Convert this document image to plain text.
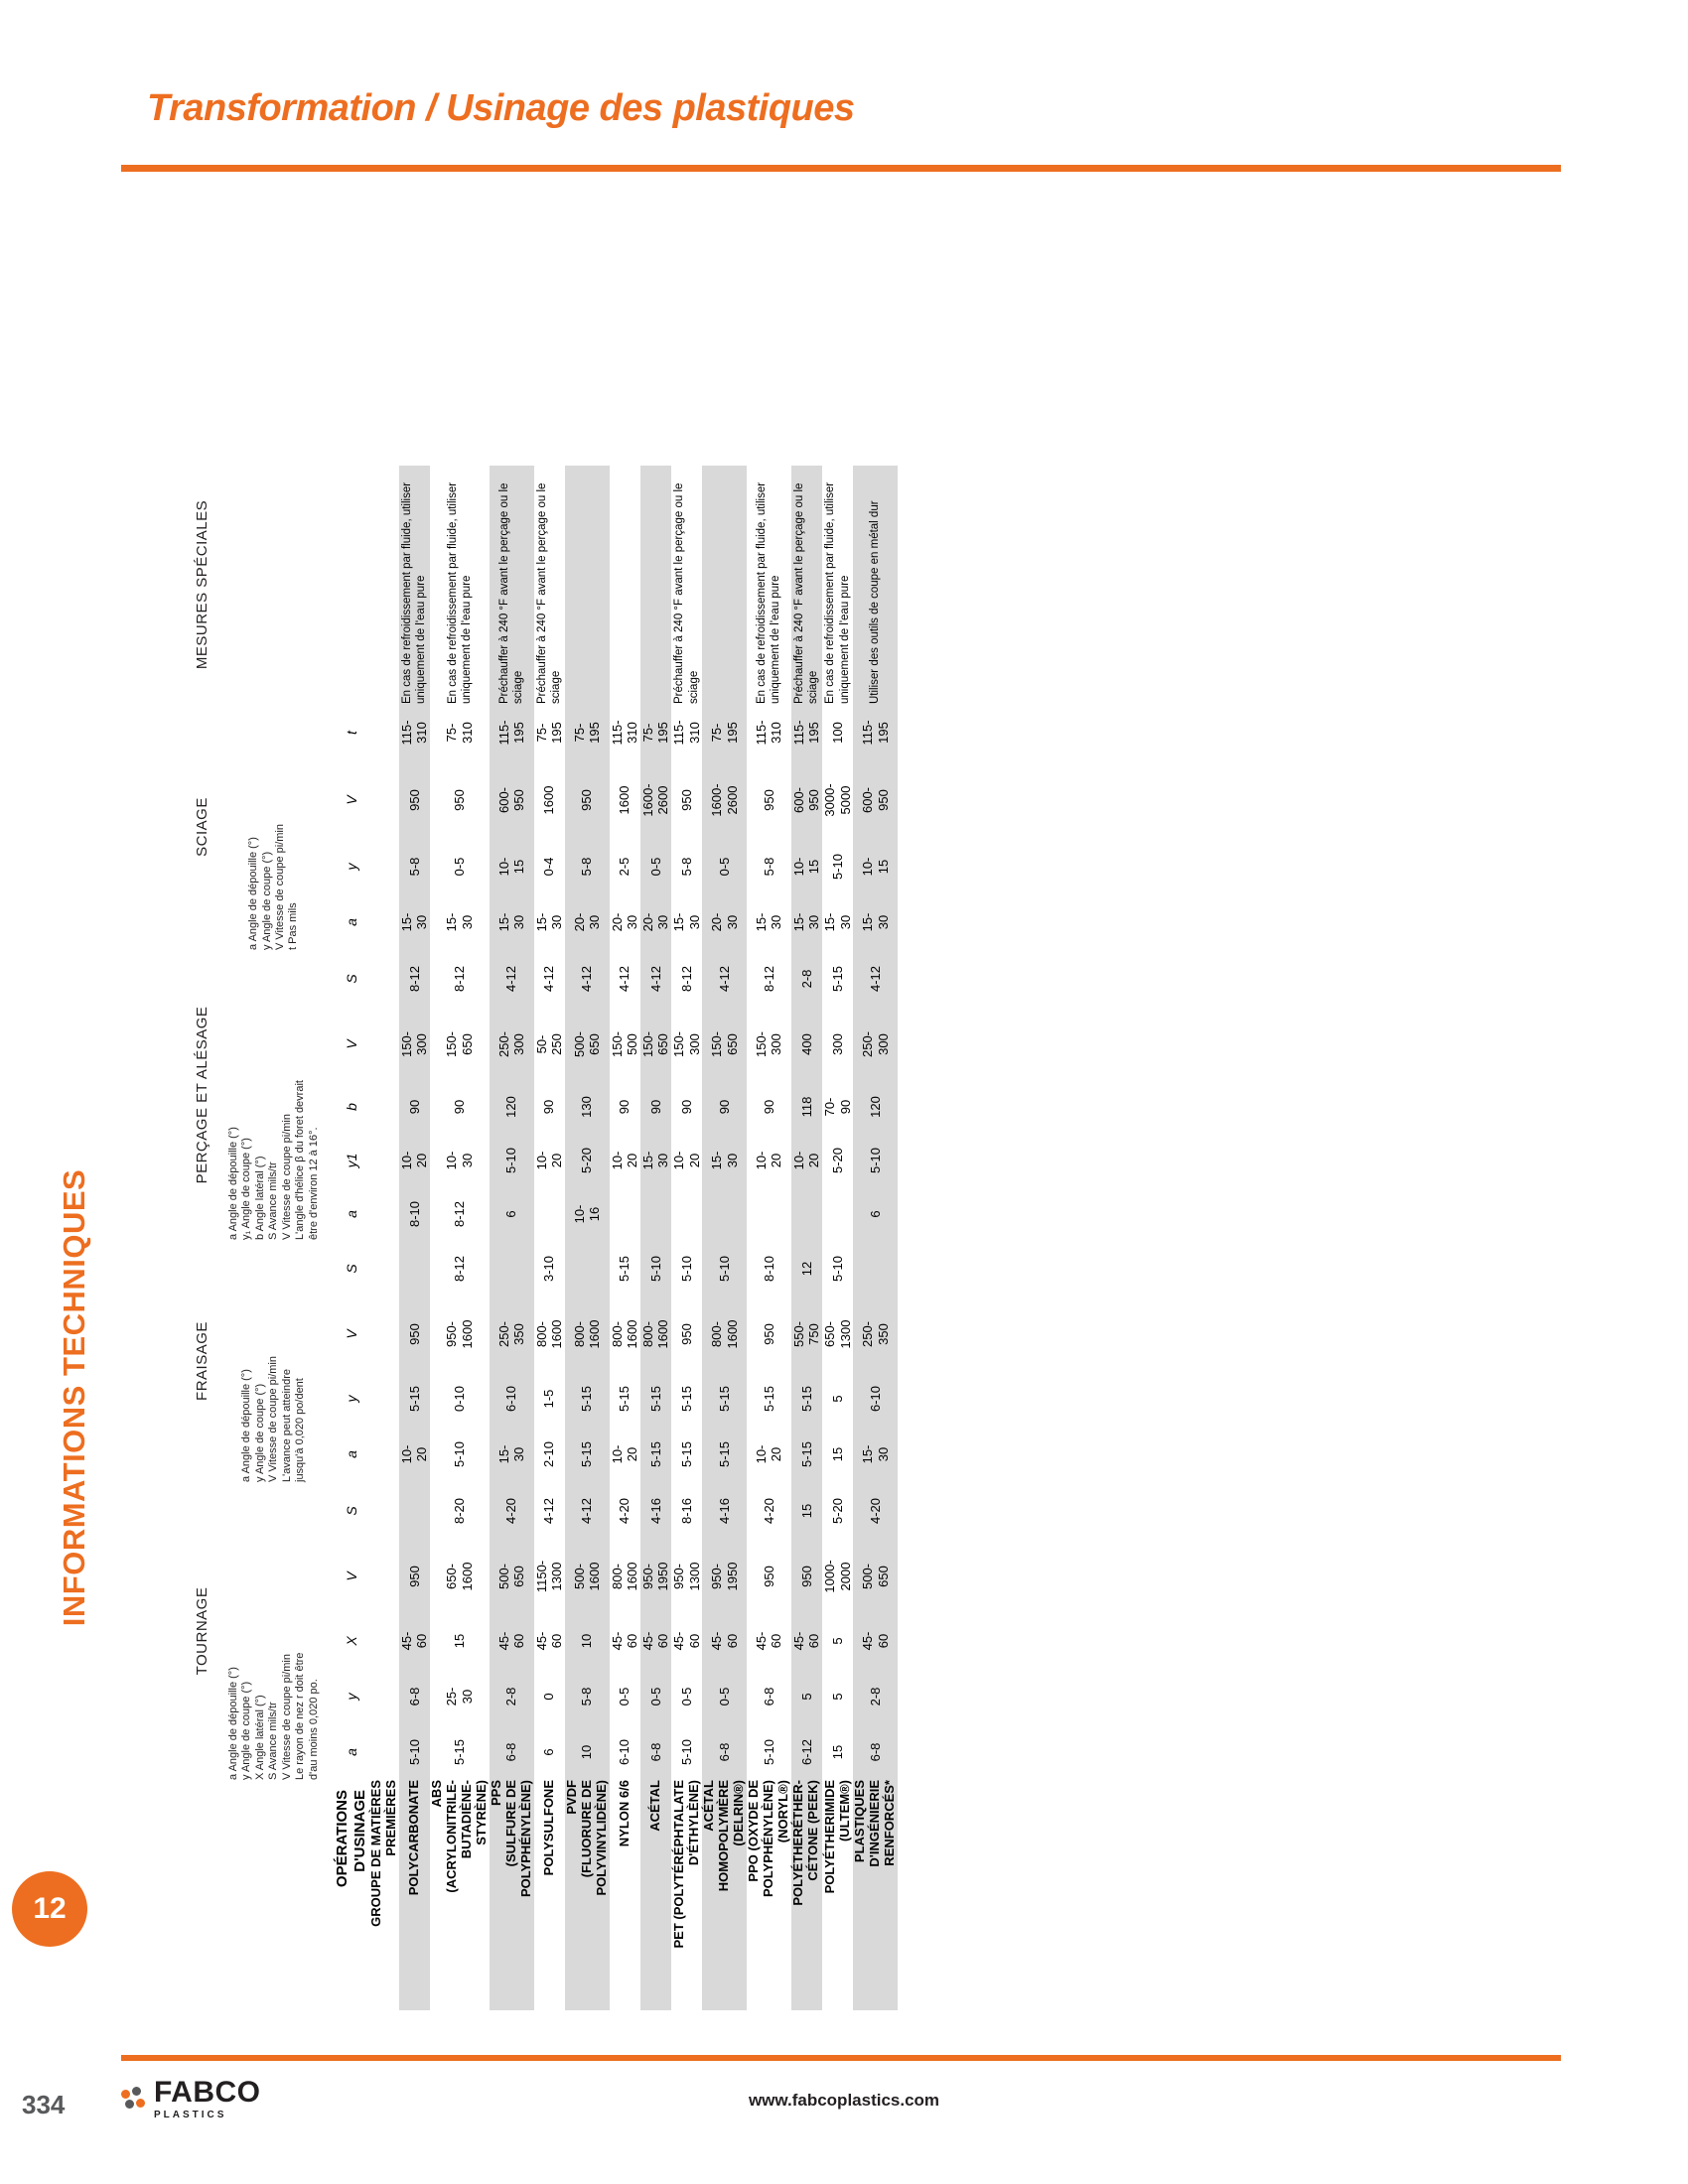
Transformation / Usinage des plastiques
INFORMATIONS TECHNIQUES
12
	TOURNAGE					FRAISAGE				PERÇAGE ET ALÉSAGE					SCIAGE				MESURES SPÉCIALES
	a Angle de dépouille (°)
y Angle de coupe (°)
X Angle latéral (°)
S Avance mils/tr
V Vitesse de coupe pi/min
Le rayon de nez r doit être
d'au moins 0,020 po.	a Angle de dépouille (°)
y Angle de coupe (°)
V Vitesse de coupe pi/min
L'avance peut atteindre
jusqu'à 0,020 po/dent	a Angle de dépouille (°)
y₁ Angle de coupe (°)
b Angle latéral (°)
S Avance mils/tr
V Vitesse de coupe pi/min
L'angle d'hélice β du foret devrait
être d'environ 12 à 16°.	a Angle de dépouille (°)
y Angle de coupe (°)
V Vitesse de coupe pi/min
t Pas mils	
OPÉRATIONS
D'USINAGE	a	y	X	V	S	a	y	V	S	a	y1	b	V	S	a	y	V	t	
GROUPE DE MATIÈRES
PREMIÈRES																			
POLYCARBONATE	5-10	6-8	45-
60	950		10-
20	5-15	950		8-10	10-
20	90	150-
300	8-12	15-
30	5-8	950	115-
310	En cas de refroidissement par fluide, utiliser uniquement de l'eau pure
ABS
(ACRYLONITRILE-
BUTADIÈNE-
STYRÈNE)	5-15	25-
30	15	650-
1600	8-20	5-10	0-10	950-
1600	8-12	8-12	10-
30	90	150-
650	8-12	15-
30	0-5	950	75-
310	En cas de refroidissement par fluide, utiliser uniquement de l'eau pure
PPS
(SULFURE DE
POLYPHÉNYLÈNE)	6-8	2-8	45-
60	500-
650	4-20	15-
30	6-10	250-
350		6	5-10	120	250-
300	4-12	15-
30	10-
15	600-
950	115-
195	Préchauffer à 240 °F avant le perçage ou le sciage
POLYSULFONE	6	0	45-
60	1150-
1300	4-12	2-10	1-5	800-
1600	3-10		10-
20	90	50-
250	4-12	15-
30	0-4	1600	75-
195	Préchauffer à 240 °F avant le perçage ou le sciage
PVDF
(FLUORURE DE
POLYVINYLIDÈNE)	10	5-8	10	500-
1600	4-12	5-15	5-15	800-
1600		10-
16	5-20	130	500-
650	4-12	20-
30	5-8	950	75-
195	
NYLON 6/6	6-10	0-5	45-
60	800-
1600	4-20	10-
20	5-15	800-
1600	5-15		10-
20	90	150-
500	4-12	20-
30	2-5	1600	115-
310	
ACÉTAL	6-8	0-5	45-
60	950-
1950	4-16	5-15	5-15	800-
1600	5-10		15-
30	90	150-
650	4-12	20-
30	0-5	1600-
2600	75-
195	
PET (POLYTÉRÉPHTALATE
D'ÉTHYLÈNE)	5-10	0-5	45-
60	950-
1300	8-16	5-15	5-15	950	5-10		10-
20	90	150-
300	8-12	15-
30	5-8	950	115-
310	Préchauffer à 240 °F avant le perçage ou le sciage
ACÉTAL
HOMOPOLYMÈRE
(DELRIN®)	6-8	0-5	45-
60	950-
1950	4-16	5-15	5-15	800-
1600	5-10		15-
30	90	150-
650	4-12	20-
30	0-5	1600-
2600	75-
195	
PPO (OXYDE DE
POLYPHÉNYLÈNE)
(NORYL®)	5-10	6-8	45-
60	950	4-20	10-
20	5-15	950	8-10		10-
20	90	150-
300	8-12	15-
30	5-8	950	115-
310	En cas de refroidissement par fluide, utiliser uniquement de l'eau pure
POLYÉTHERÉTHER-
CÉTONE (PEEK)	6-12	5	45-
60	950	15	5-15	5-15	550-
750	12		10-
20	118	400	2-8	15-
30	10-
15	600-
950	115-
195	Préchauffer à 240 °F avant le perçage ou le sciage
POLYÉTHERIMIDE
(ULTEM®)	15	5	5	1000-
2000	5-20	15	5	650-
1300	5-10		5-20	70-
90	300	5-15	15-
30	5-10	3000-
5000	100	En cas de refroidissement par fluide, utiliser uniquement de l'eau pure
PLASTIQUES
D'INGÉNIERIE
RENFORCÉS*	6-8	2-8	45-
60	500-
650	4-20	15-
30	6-10	250-
350		6	5-10	120	250-
300	4-12	15-
30	10-
15	600-
950	115-
195	Utiliser des outils de coupe en métal dur
334	FABCO
PLASTICS
www.fabcoplastics.com
